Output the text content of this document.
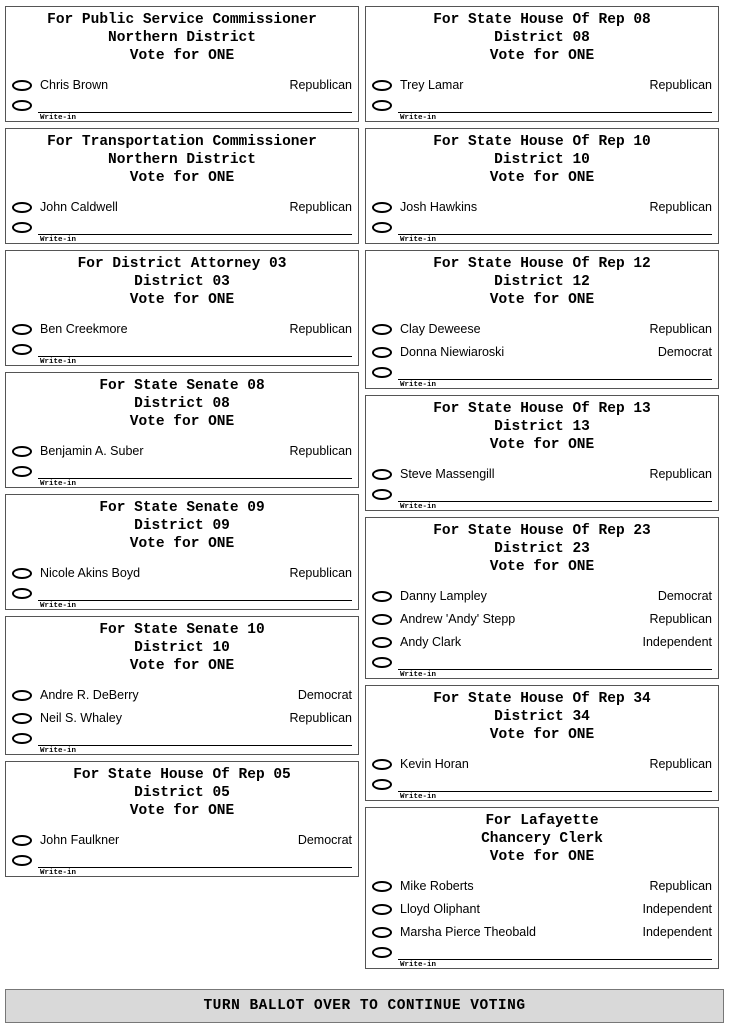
For Public Service Commissioner
Northern District
Vote for ONE
Chris Brown	Republican
Write-in
For Transportation Commissioner
Northern District
Vote for ONE
John Caldwell	Republican
Write-in
For District Attorney 03
District 03
Vote for ONE
Ben Creekmore	Republican
Write-in
For State Senate 08
District 08
Vote for ONE
Benjamin A. Suber	Republican
Write-in
For State Senate 09
District 09
Vote for ONE
Nicole Akins Boyd	Republican
Write-in
For State Senate 10
District 10
Vote for ONE
Andre R. DeBerry	Democrat
Neil S. Whaley	Republican
Write-in
For State House Of Rep 05
District 05
Vote for ONE
John Faulkner	Democrat
Write-in
For State House Of Rep 08
District 08
Vote for ONE
Trey Lamar	Republican
Write-in
For State House Of Rep 10
District 10
Vote for ONE
Josh Hawkins	Republican
Write-in
For State House Of Rep 12
District 12
Vote for ONE
Clay Deweese	Republican
Donna Niewiaroski	Democrat
Write-in
For State House Of Rep 13
District 13
Vote for ONE
Steve Massengill	Republican
Write-in
For State House Of Rep 23
District 23
Vote for ONE
Danny Lampley	Democrat
Andrew 'Andy' Stepp	Republican
Andy Clark	Independent
Write-in
For State House Of Rep 34
District 34
Vote for ONE
Kevin Horan	Republican
Write-in
For Lafayette
Chancery Clerk
Vote for ONE
Mike Roberts	Republican
Lloyd Oliphant	Independent
Marsha Pierce Theobald	Independent
Write-in
TURN BALLOT OVER TO CONTINUE VOTING
